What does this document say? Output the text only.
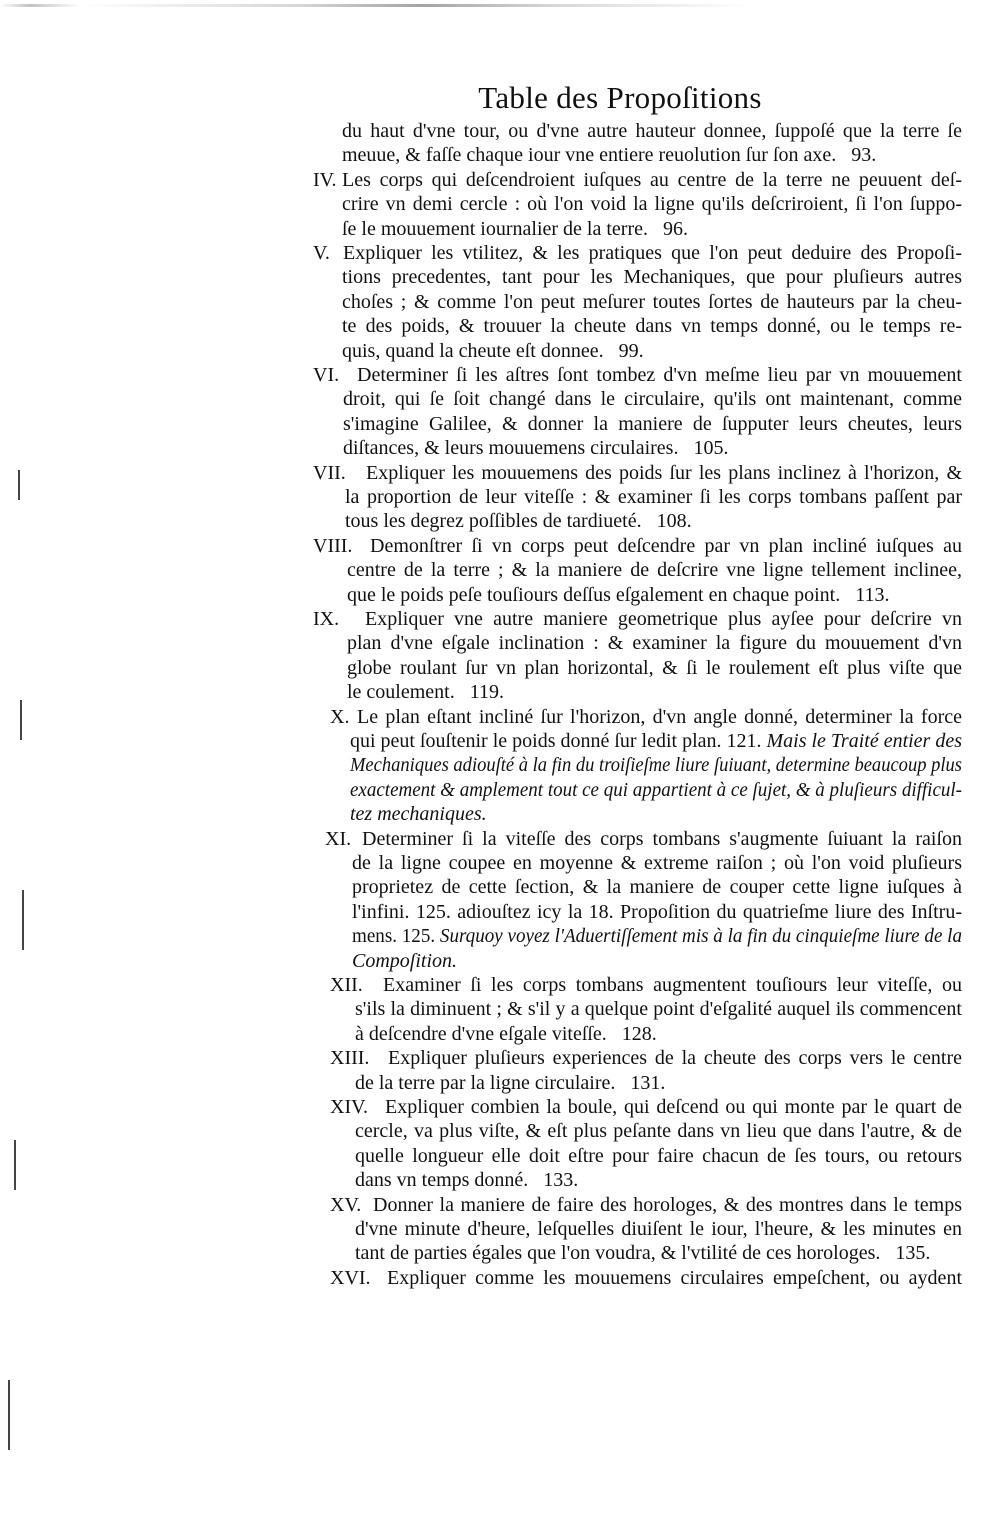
Table des Propoſitions
du haut d'vne tour, ou d'vne autre hauteur donnee, ſuppoſé que la terre ſe
meuue, & faſſe chaque iour vne entiere reuolution ſur ſon axe.   93.
IV. Les corps qui deſcendroient iuſques au centre de la terre ne peuuent deſ-
crire vn demi cercle : où l'on void la ligne qu'ils deſcriroient, ſi l'on ſuppo-
ſe le mouuement iournalier de la terre.   96.
V. Expliquer les vtilitez, & les pratiques que l'on peut deduire des Propoſi-
tions precedentes, tant pour les Mechaniques, que pour pluſieurs autres
choſes ; & comme l'on peut meſurer toutes ſortes de hauteurs par la cheu-
te des poids, & trouuer la cheute dans vn temps donné, ou le temps re-
quis, quand la cheute eſt donnee.   99.
VI. Determiner ſi les aſtres ſont tombez d'vn meſme lieu par vn mouuement
droit, qui ſe ſoit changé dans le circulaire, qu'ils ont maintenant, comme
s'imagine Galilee, & donner la maniere de ſupputer leurs cheutes, leurs
diſtances, & leurs mouuemens circulaires.   105.
VII. Expliquer les mouuemens des poids ſur les plans inclinez à l'horizon, &
la proportion de leur viteſſe : & examiner ſi les corps tombans paſſent par
tous les degrez poſſibles de tardiueté.   108.
VIII. Demonſtrer ſi vn corps peut deſcendre par vn plan incliné iuſques au
centre de la terre ; & la maniere de deſcrire vne ligne tellement inclinee,
que le poids peſe touſiours deſſus eſgalement en chaque point.   113.
IX. Expliquer vne autre maniere geometrique plus ayſee pour deſcrire vn
plan d'vne eſgale inclination : & examiner la figure du mouuement d'vn
globe roulant ſur vn plan horizontal, & ſi le roulement eſt plus viſte que
le coulement.   119.
X. Le plan eſtant incliné ſur l'horizon, d'vn angle donné, determiner la force
qui peut ſouſtenir le poids donné ſur ledit plan. 121. Mais le Traité entier des
Mechaniques adiouſté à la fin du troiſieſme liure ſuiuant, determine beaucoup plus
exactement & amplement tout ce qui appartient à ce ſujet, & à pluſieurs difficul-
tez mechaniques.
XI. Determiner ſi la viteſſe des corps tombans s'augmente ſuiuant la raiſon
de la ligne coupee en moyenne & extreme raiſon ; où l'on void pluſieurs
proprietez de cette ſection, & la maniere de couper cette ligne iuſques à
l'infini. 125. adiouſtez icy la 18. Propoſition du quatrieſme liure des Inſtru-
mens. 125. Surquoy voyez l'Aduertiſſement mis à la fin du cinquieſme liure de la
Compoſition.
XII. Examiner ſi les corps tombans augmentent touſiours leur viteſſe, ou
s'ils la diminuent ; & s'il y a quelque point d'eſgalité auquel ils commencent
à deſcendre d'vne eſgale viteſſe.   128.
XIII. Expliquer pluſieurs experiences de la cheute des corps vers le centre
de la terre par la ligne circulaire.   131.
XIV. Expliquer combien la boule, qui deſcend ou qui monte par le quart de
cercle, va plus viſte, & eſt plus peſante dans vn lieu que dans l'autre, & de
quelle longueur elle doit eſtre pour faire chacun de ſes tours, ou retours
dans vn temps donné.   133.
XV. Donner la maniere de faire des horologes, & des montres dans le temps
d'vne minute d'heure, leſquelles diuiſent le iour, l'heure, & les minutes en
tant de parties égales que l'on voudra, & l'vtilité de ces horologes.   135.
XVI. Expliquer comme les mouuemens circulaires empeſchent, ou aydent
